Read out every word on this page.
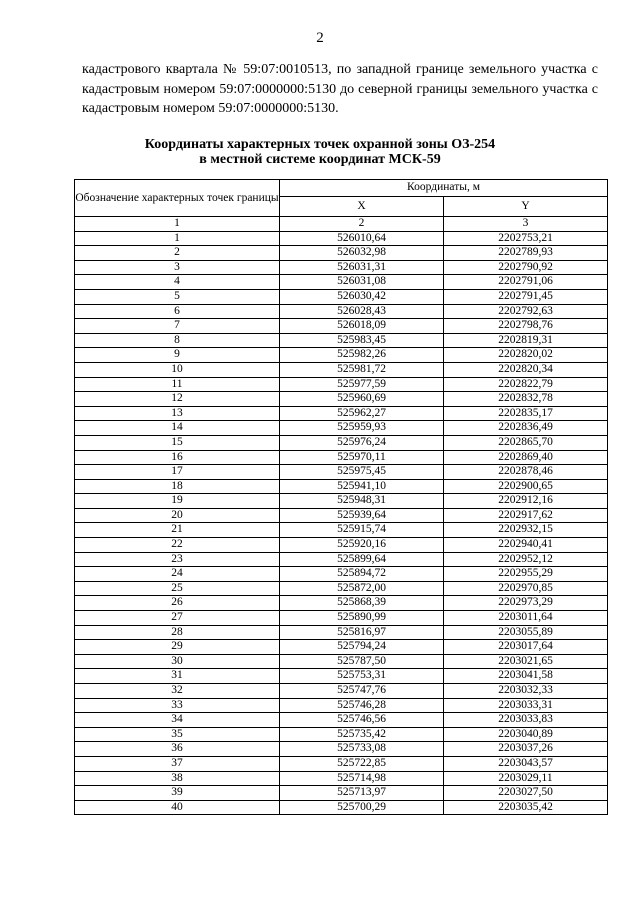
2
кадастрового квартала № 59:07:0010513, по западной границе земельного участка с кадастровым номером 59:07:0000000:5130 до северной границы земельного участка с кадастровым номером 59:07:0000000:5130.
Координаты характерных точек охранной зоны ОЗ-254
в местной системе координат МСК-59
Обозначение характерных точек границы	Координаты, м	
	X	Y
1	2	3
1	526010,64	2202753,21
2	526032,98	2202789,93
3	526031,31	2202790,92
4	526031,08	2202791,06
5	526030,42	2202791,45
6	526028,43	2202792,63
7	526018,09	2202798,76
8	525983,45	2202819,31
9	525982,26	2202820,02
10	525981,72	2202820,34
11	525977,59	2202822,79
12	525960,69	2202832,78
13	525962,27	2202835,17
14	525959,93	2202836,49
15	525976,24	2202865,70
16	525970,11	2202869,40
17	525975,45	2202878,46
18	525941,10	2202900,65
19	525948,31	2202912,16
20	525939,64	2202917,62
21	525915,74	2202932,15
22	525920,16	2202940,41
23	525899,64	2202952,12
24	525894,72	2202955,29
25	525872,00	2202970,85
26	525868,39	2202973,29
27	525890,99	2203011,64
28	525816,97	2203055,89
29	525794,24	2203017,64
30	525787,50	2203021,65
31	525753,31	2203041,58
32	525747,76	2203032,33
33	525746,28	2203033,31
34	525746,56	2203033,83
35	525735,42	2203040,89
36	525733,08	2203037,26
37	525722,85	2203043,57
38	525714,98	2203029,11
39	525713,97	2203027,50
40	525700,29	2203035,42
